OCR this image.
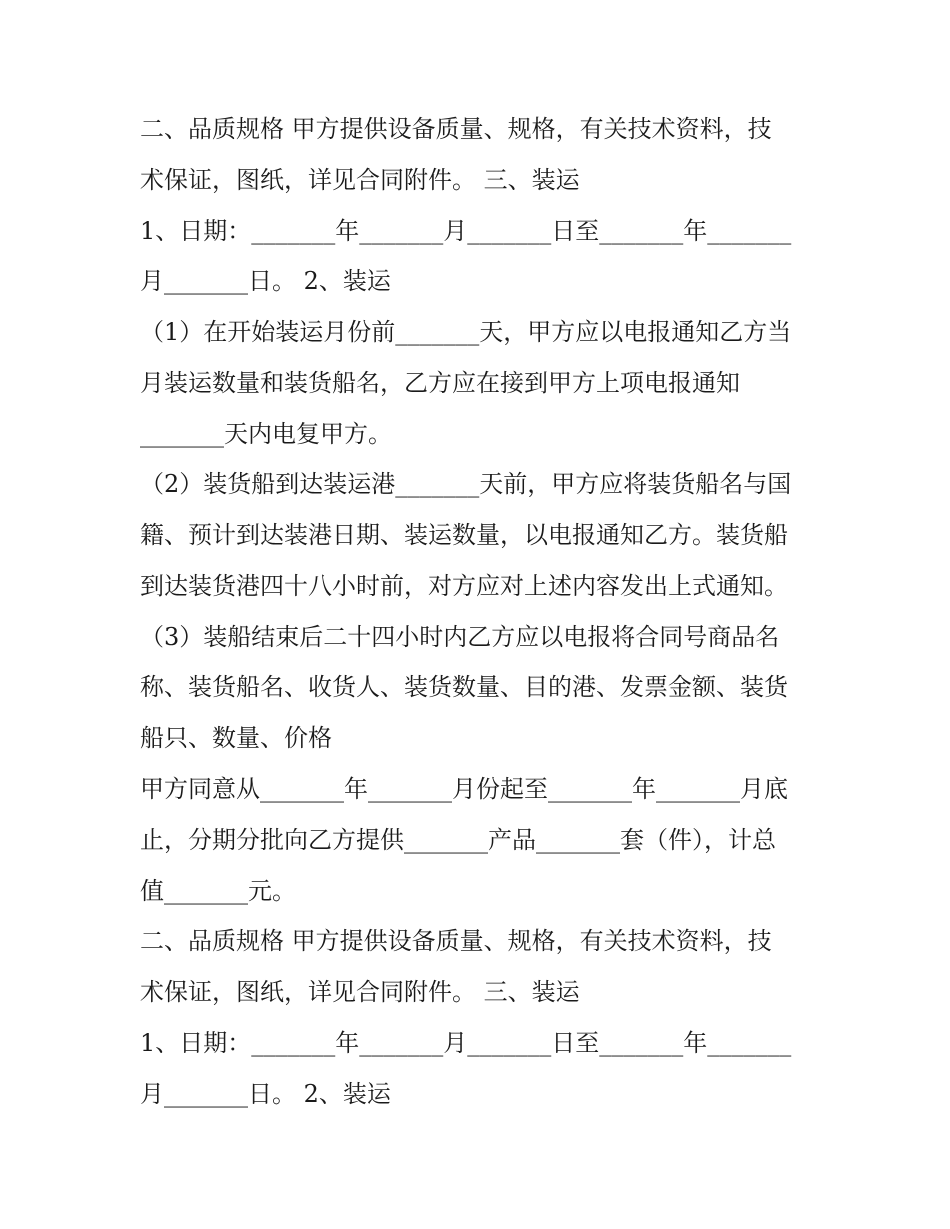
二、品质规格 甲方提供设备质量、规格，有关技术资料，技
术保证，图纸，详见合同附件。 三、装运
1、日期：_______年_______月_______日至_______年_______
月_______日。 2、装运
（1）在开始装运月份前_______天，甲方应以电报通知乙方当
月装运数量和装货船名，乙方应在接到甲方上项电报通知
_______天内电复甲方。
（2）装货船到达装运港_______天前，甲方应将装货船名与国
籍、预计到达装港日期、装运数量，以电报通知乙方。装货船
到达装货港四十八小时前，对方应对上述内容发出上式通知。
（3）装船结束后二十四小时内乙方应以电报将合同号商品名
称、装货船名、收货人、装货数量、目的港、发票金额、装货
船只、数量、价格
甲方同意从_______年_______月份起至_______年_______月底
止，分期分批向乙方提供_______产品_______套（件），计总
值_______元。
二、品质规格 甲方提供设备质量、规格，有关技术资料，技
术保证，图纸，详见合同附件。 三、装运
1、日期：_______年_______月_______日至_______年_______
月_______日。 2、装运
